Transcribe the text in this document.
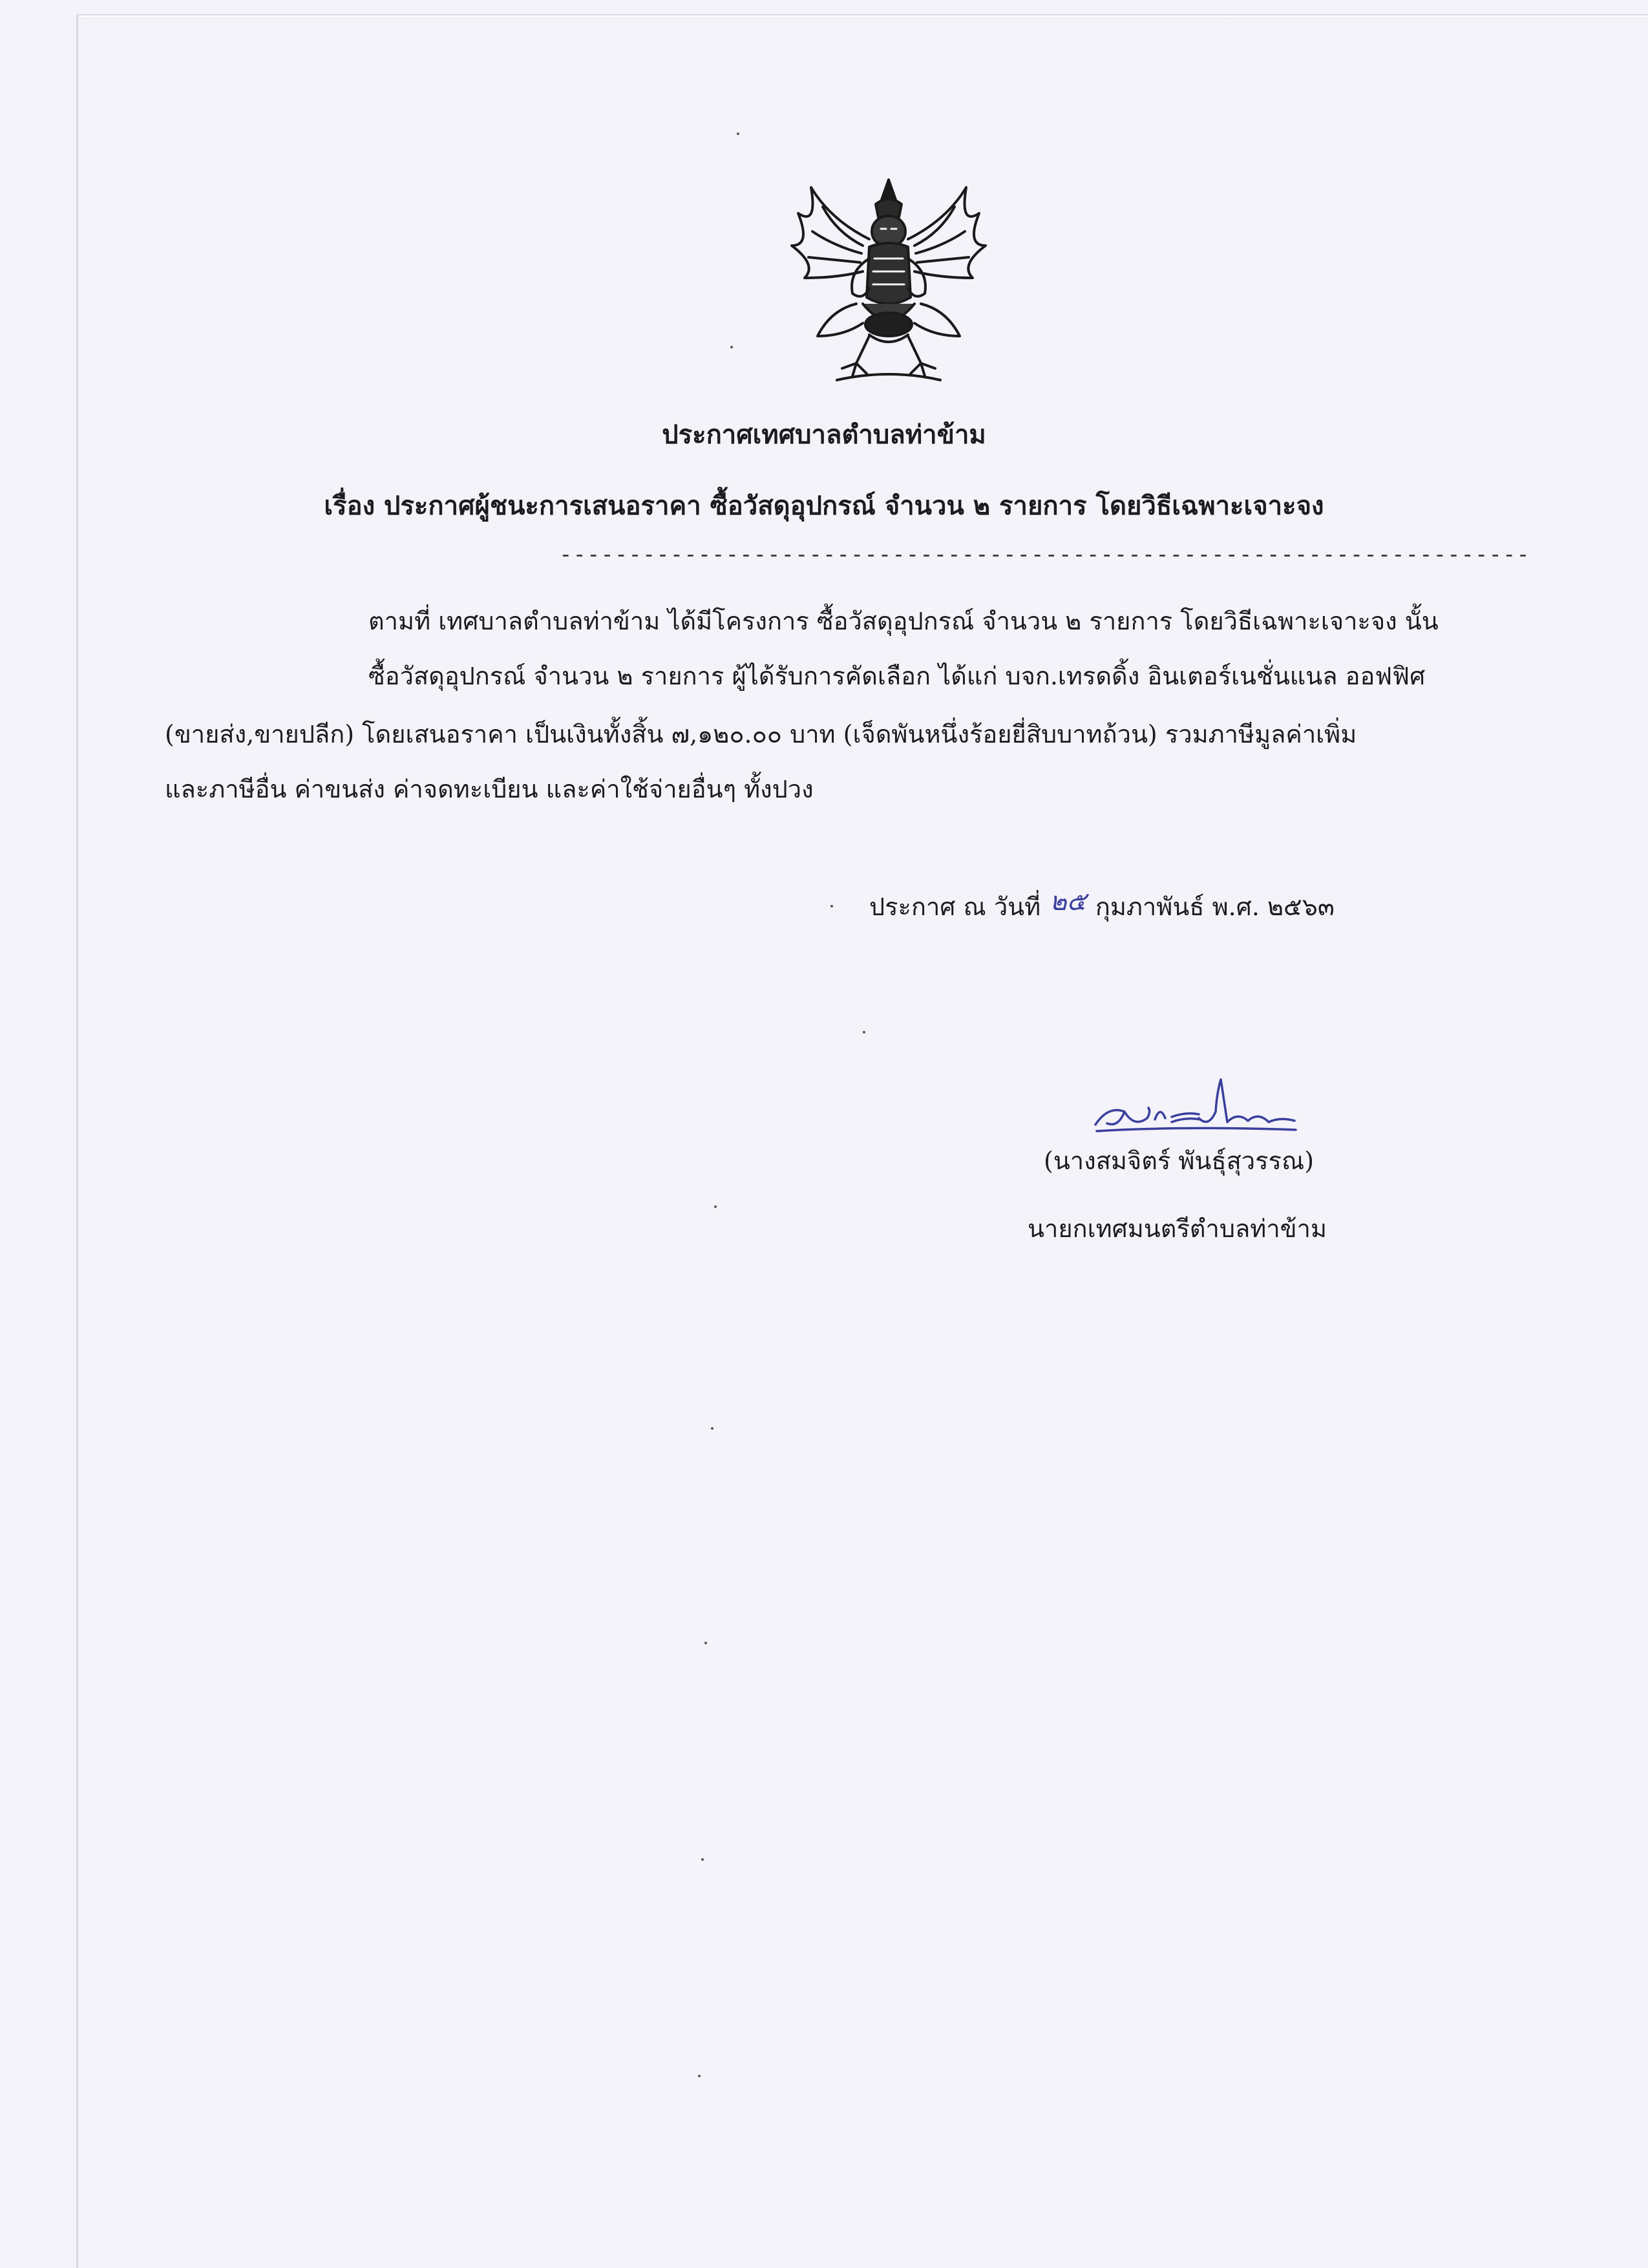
ประกาศเทศบาลตำบลท่าข้าม
เรื่อง ประกาศผู้ชนะการเสนอราคา ซื้อวัสดุอุปกรณ์ จำนวน ๒ รายการ โดยวิธีเฉพาะเจาะจง
----------------------------------------------------------------------
ตามที่ เทศบาลตำบลท่าข้าม ได้มีโครงการ ซื้อวัสดุอุปกรณ์ จำนวน ๒ รายการ โดยวิธีเฉพาะเจาะจง นั้น
ซื้อวัสดุอุปกรณ์ จำนวน ๒ รายการ ผู้ได้รับการคัดเลือก ได้แก่ บจก.เทรดดิ้ง อินเตอร์เนชั่นแนล ออฟฟิศ
(ขายส่ง,ขายปลีก) โดยเสนอราคา เป็นเงินทั้งสิ้น ๗,๑๒๐.๐๐ บาท (เจ็ดพันหนึ่งร้อยยี่สิบบาทถ้วน) รวมภาษีมูลค่าเพิ่ม
และภาษีอื่น ค่าขนส่ง ค่าจดทะเบียน และค่าใช้จ่ายอื่นๆ ทั้งปวง
ประกาศ ณ วันที่ ๒๕ กุมภาพันธ์ พ.ศ. ๒๕๖๓
(นางสมจิตร์ พันธุ์สุวรรณ)
นายกเทศมนตรีตำบลท่าข้าม
